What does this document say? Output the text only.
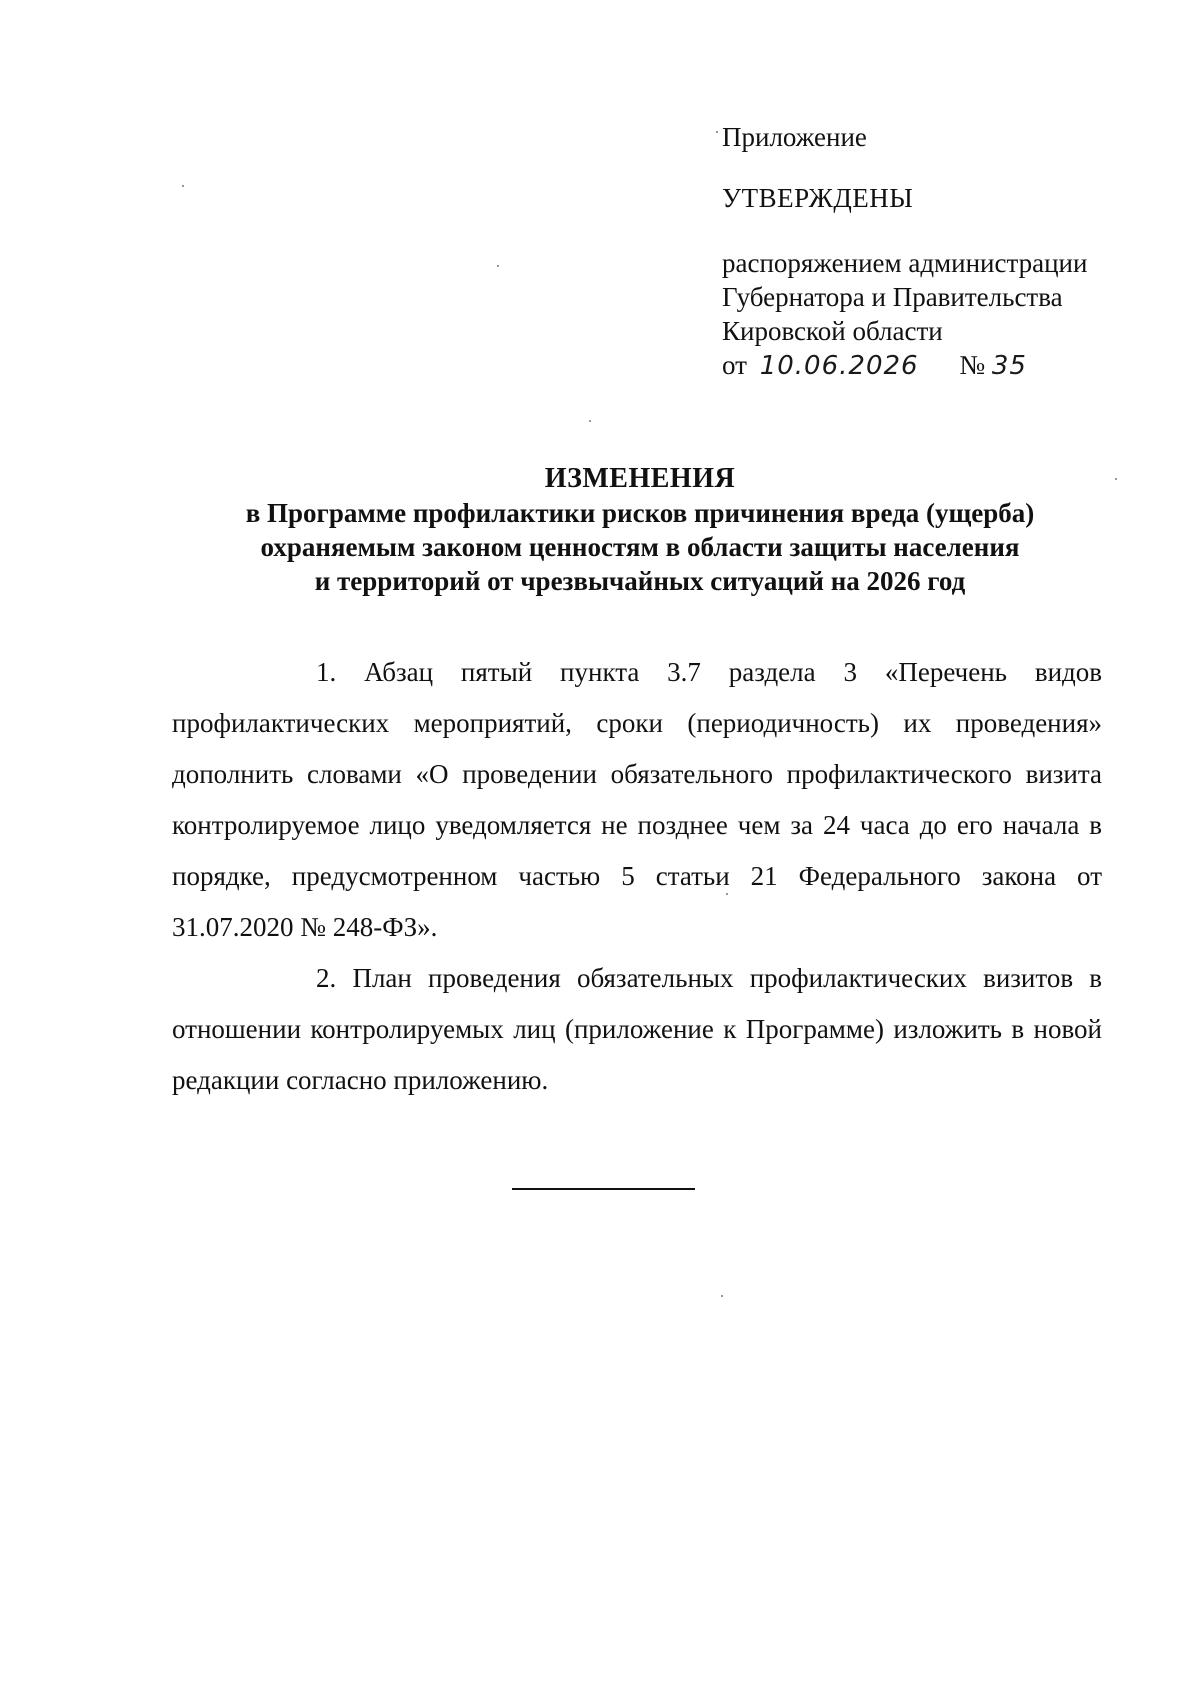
Приложение
УТВЕРЖДЕНЫ
распоряжением администрации
Губернатора и Правительства
Кировской области
от 10.06.2026 № 35
ИЗМЕНЕНИЯ
в Программе профилактики рисков причинения вреда (ущерба)
охраняемым законом ценностям в области защиты населения
и территорий от чрезвычайных ситуаций на 2026 год

1. Абзац пятый пункта 3.7 раздела 3 «Перечень видов профилактических мероприятий, сроки (периодичность) их проведения» дополнить словами «О проведении обязательного профилактического визита контролируемое лицо уведомляется не позднее чем за 24 часа до его начала в порядке, предусмотренном частью 5 статьи 21 Федерального закона от 31.07.2020 № 248-ФЗ».

2. План проведения обязательных профилактических визитов в отношении контролируемых лиц (приложение к Программе) изложить в новой редакции согласно приложению.
